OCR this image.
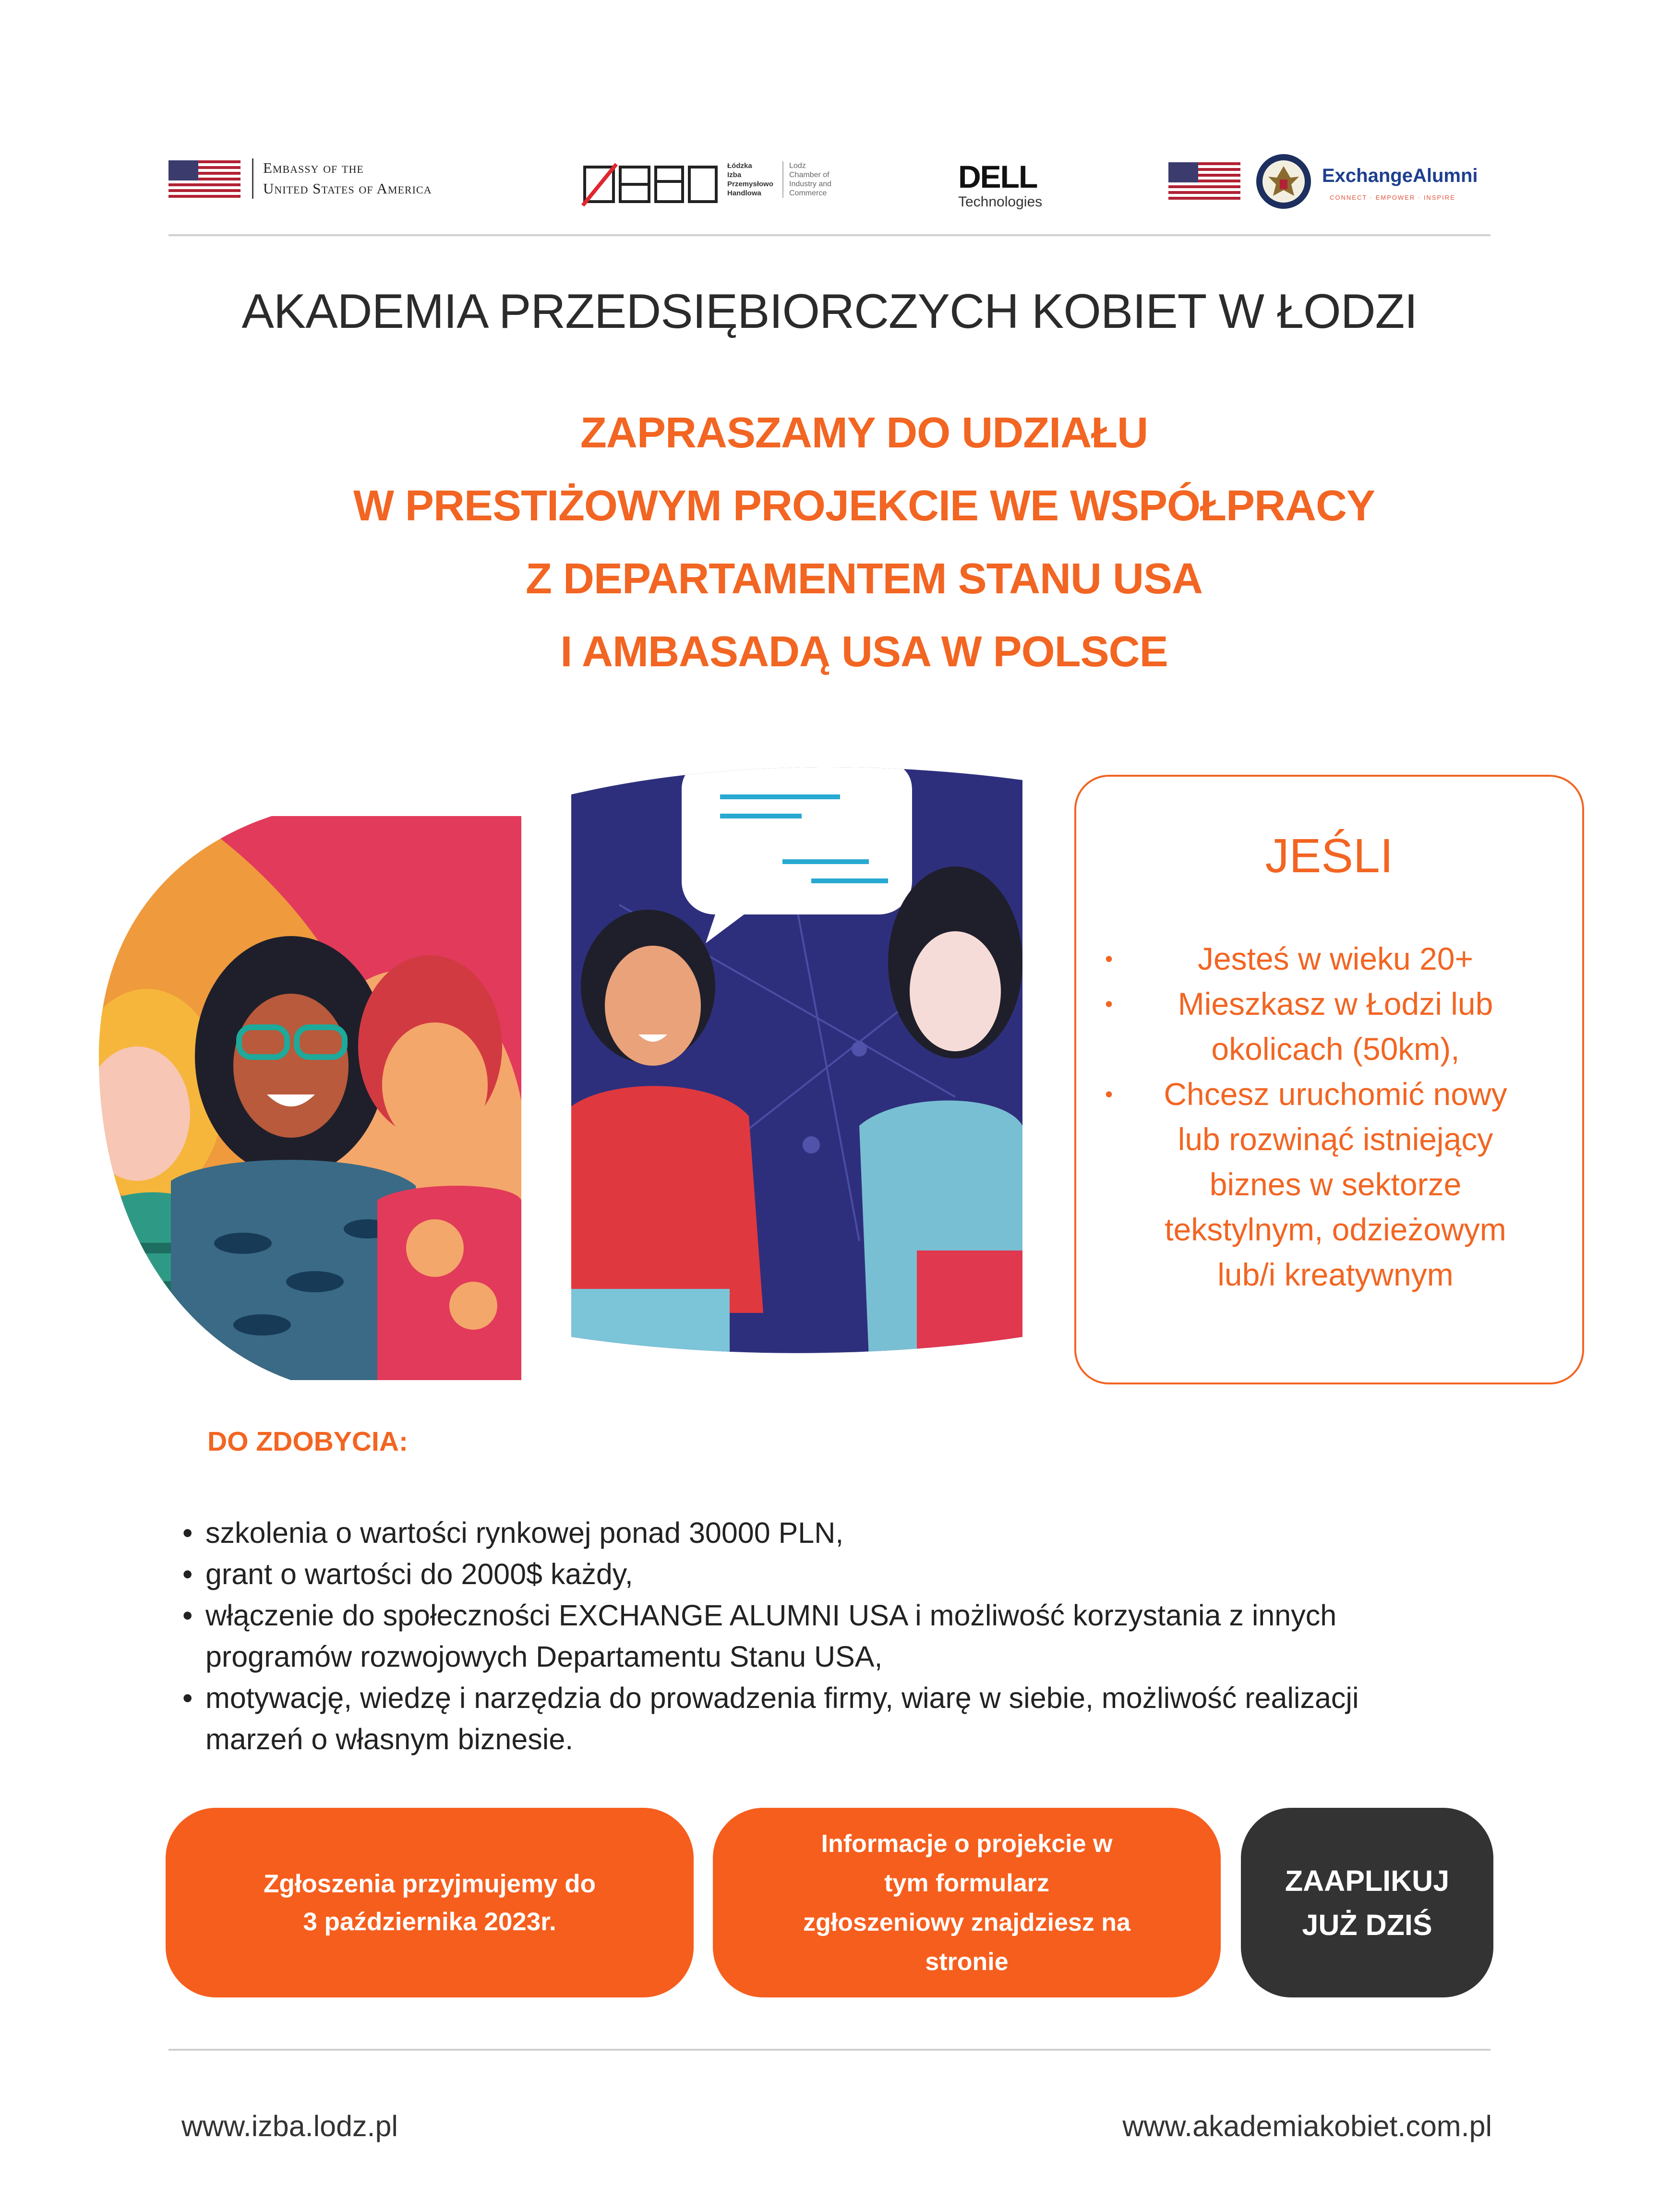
Embassy of the
United States of America
Łódzka
Izba
Przemysłowo
Handlowa
Lodz
Chamber of
Industry and
Commerce	DELL
Technologies
ExchangeAlumni
CONNECT · EMPOWER · INSPIRE
AKADEMIA PRZEDSIĘBIORCZYCH KOBIET W ŁODZI
ZAPRASZAMY DO UDZIAŁU
W PRESTIŻOWYM PROJEKCIE WE WSPÓŁPRACY
Z DEPARTAMENTEM STANU USA
I AMBASADĄ USA W POLSCE
JEŚLI
•	Jesteś w wieku 20+
•	Mieszkasz w Łodzi lub
okolicach (50km),
•	Chcesz uruchomić nowy
lub rozwinąć istniejący
biznes w sektorze
tekstylnym, odzieżowym
lub/i kreatywnym
DO ZDOBYCIA:
• szkolenia o wartości rynkowej ponad 30000 PLN,
• grant o wartości do 2000$ każdy,
• włączenie do społeczności EXCHANGE ALUMNI USA i możliwość korzystania z innych
programów rozwojowych Departamentu Stanu USA,
• motywację, wiedzę i narzędzia do prowadzenia firmy, wiarę w siebie, możliwość realizacji
marzeń o własnym biznesie.
Zgłoszenia przyjmujemy do
3 października 2023r.
Informacje o projekcie w
tym formularz
zgłoszeniowy znajdziesz na
stronie
ZAAPLIKUJ
JUŻ DZIŚ
www.izba.lodz.pl	www.akademiakobiet.com.pl
